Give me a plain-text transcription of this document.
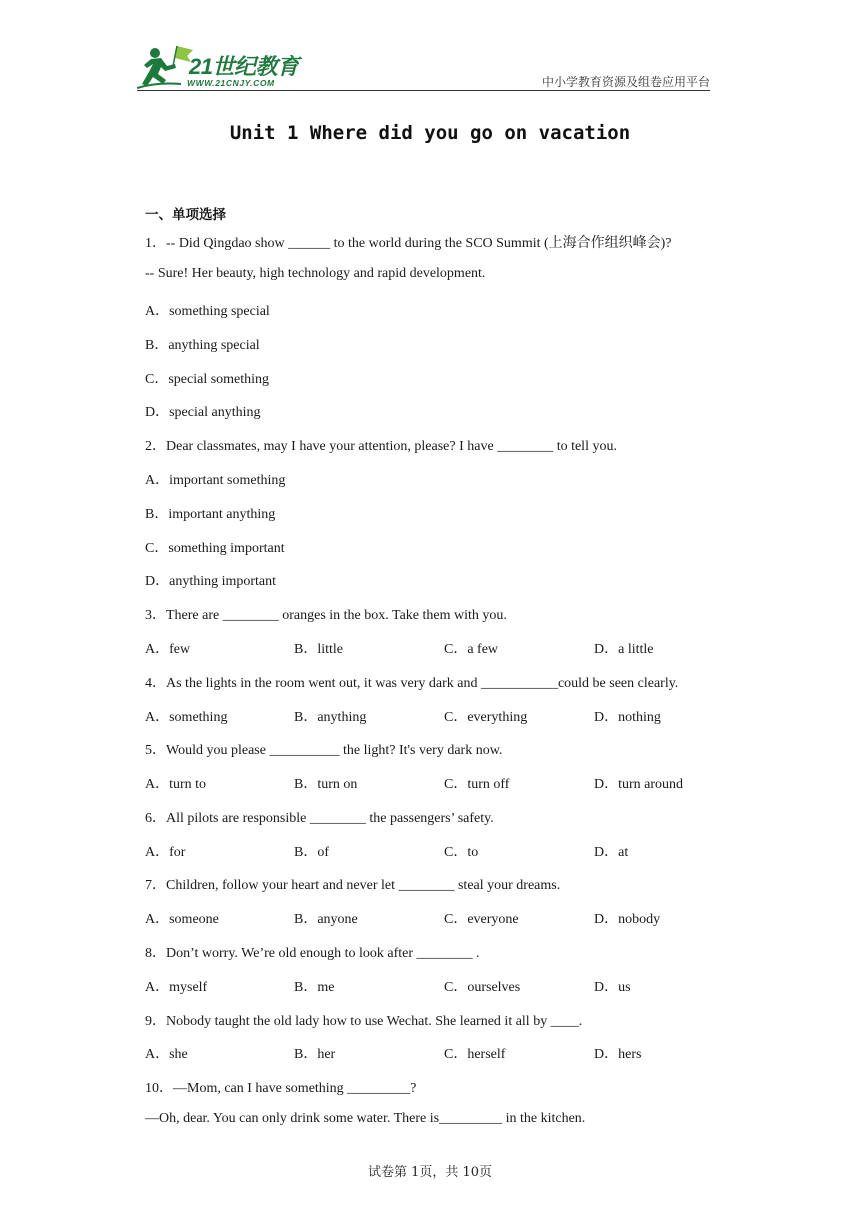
21世纪教育
WWW.21CNJY.COM	中小学教育资源及组卷应用平台
Unit 1 Where did you go on vacation
一、单项选择
1．-- Did Qingdao show ______ to the world during the SCO Summit (上海合作组织峰会)?
-- Sure! Her beauty, high technology and rapid development.
A．something special
B．anything special
C．special something
D．special anything
2．Dear classmates, may I have your attention, please? I have ________ to tell you.
A．important something
B．important anything
C．something important
D．anything important
3．There are ________ oranges in the box. Take them with you.
A．few	B．little	C．a few	D．a little
4．As the lights in the room went out, it was very dark and ___________could be seen clearly.
A．something	B．anything	C．everything	D．nothing
5．Would you please __________ the light? It's very dark now.
A．turn to	B．turn on	C．turn off	D．turn around
6．All pilots are responsible ________ the passengers’ safety.
A．for	B．of	C．to	D．at
7．Children, follow your heart and never let ________ steal your dreams.
A．someone	B．anyone	C．everyone	D．nobody
8．Don’t worry. We’re old enough to look after ________ .
A．myself	B．me	C．ourselves	D．us
9．Nobody taught the old lady how to use Wechat. She learned it all by ____.
A．she	B．her	C．herself	D．hers
10．—Mom, can I have something _________?
—Oh, dear. You can only drink some water. There is_________ in the kitchen.
试卷第 1页，共 10页
